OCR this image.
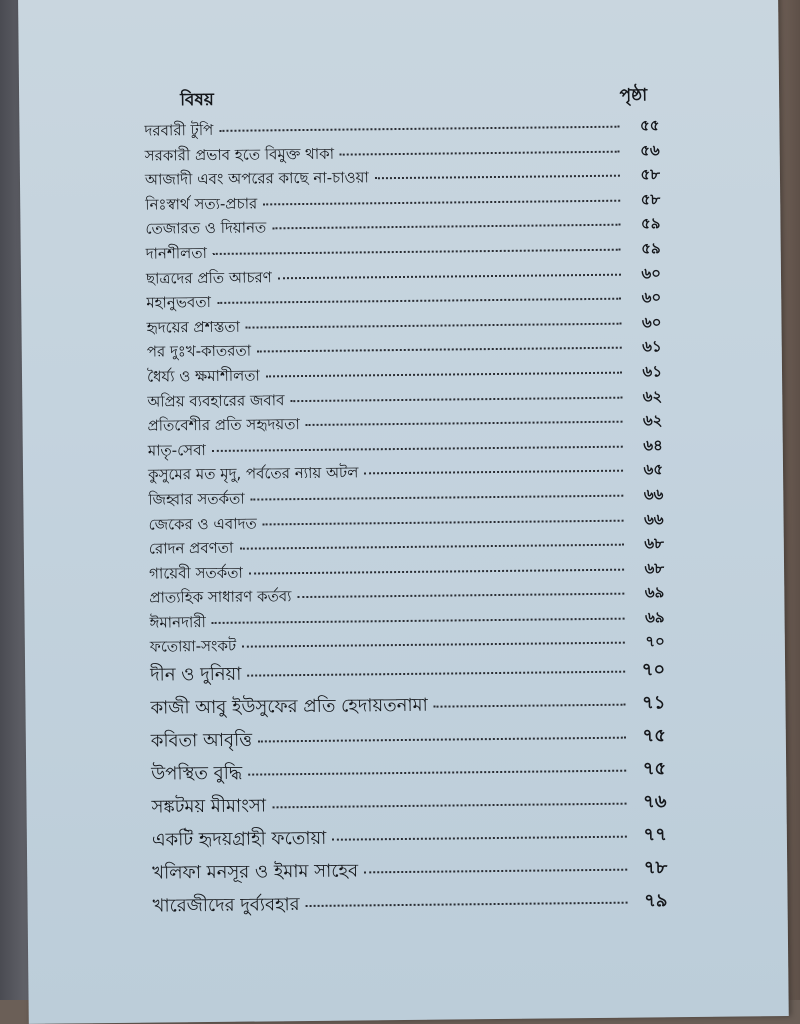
বিষয়	পৃষ্ঠা
দরবারী টুপি	৫৫
সরকারী প্রভাব হতে বিমুক্ত থাকা	৫৬
আজাদী এবং অপরের কাছে না-চাওয়া	৫৮
নিঃস্বার্থ সত্য-প্রচার	৫৮
তেজারত ও দিয়ানত	৫৯
দানশীলতা	৫৯
ছাত্রদের প্রতি আচরণ	৬০
মহানুভবতা	৬০
হৃদয়ের প্রশস্ততা	৬০
পর দুঃখ-কাতরতা	৬১
ধৈর্য্য ও ক্ষমাশীলতা	৬১
অপ্রিয় ব্যবহারের জবাব	৬২
প্রতিবেশীর প্রতি সহৃদয়তা	৬২
মাতৃ-সেবা	৬৪
কুসুমের মত মৃদু, পর্বতের ন্যায় অটল	৬৫
জিহ্বার সতর্কতা	৬৬
জেকের ও এবাদত	৬৬
রোদন প্রবণতা	৬৮
গায়েবী সতর্কতা	৬৮
প্রাত্যহিক সাধারণ কর্তব্য	৬৯
ঈমানদারী	৬৯
ফতোয়া-সংকট	৭০
দীন ও দুনিয়া	৭০
কাজী আবু ইউসুফের প্রতি হেদায়তনামা	৭১
কবিতা আবৃত্তি	৭৫
উপস্থিত বুদ্ধি	৭৫
সঙ্কটময় মীমাংসা	৭৬
একটি হৃদয়গ্রাহী ফতোয়া	৭৭
খলিফা মনসূর ও ইমাম সাহেব	৭৮
খারেজীদের দুর্ব্যবহার	৭৯
